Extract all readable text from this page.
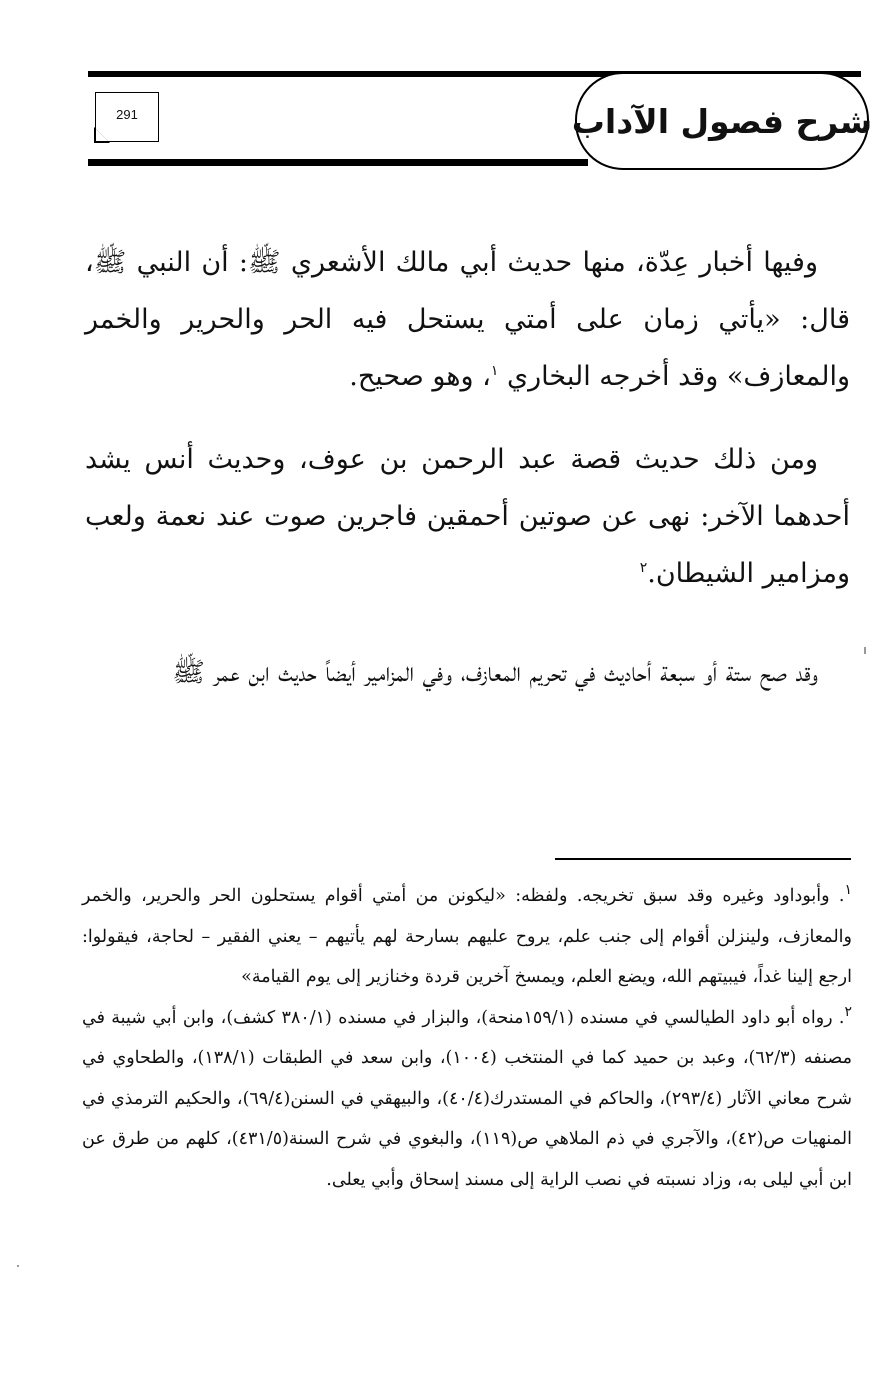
شرح فصول الآداب
291

وفيها أخبار عِدّة، منها حديث أبي مالك الأشعري ﷺ: أن النبي ﷺ، قال: «يأتي زمان على أمتي يستحل فيه الحر والحرير والخمر والمعازف» وقد أخرجه البخاري $^١$، وهو صحيح.

ومن ذلك حديث قصة عبد الرحمن بن عوف، وحديث أنس يشد أحدهما الآخر: نهى عن صوتين أحمقين فاجرين صوت عند نعمة ولعب ومزامير الشيطان.$^٢$

وقد صح ستة أو سبعة أحاديث في تحريم المعازف، وفي المزامير أيضاً حديث ابن عمر ﷺ

$^١$. وأبوداود وغيره وقد سبق تخريجه. ولفظه: «ليكونن من أمتي أقوام يستحلون الحر والحرير، والخمر والمعازف، ولينزلن أقوام إلى جنب علم، يروح عليهم بسارحة لهم يأتيهم – يعني الفقير – لحاجة، فيقولوا: ارجع إلينا غداً، فيبيتهم الله، ويضع العلم، ويمسخ آخرين قردة وخنازير إلى يوم القيامة»

$^٢$. رواه أبو داود الطيالسي في مسنده (١٥٩/١منحة)، والبزار في مسنده (٣٨٠/١ كشف)، وابن أبي شيبة في مصنفه (٦٢/٣)، وعبد بن حميد كما في المنتخب (١٠٠٤)، وابن سعد في الطبقات (١٣٨/١)، والطحاوي في شرح معاني الآثار (٢٩٣/٤)، والحاكم في المستدرك(٤٠/٤)، والبيهقي في السنن(٦٩/٤)، والحكيم الترمذي في المنهيات ص(٤٢)، والآجري في ذم الملاهي ص(١١٩)، والبغوي في شرح السنة(٤٣١/٥)، كلهم من طرق عن ابن أبي ليلى به، وزاد نسبته في نصب الراية إلى مسند إسحاق وأبي يعلى.
